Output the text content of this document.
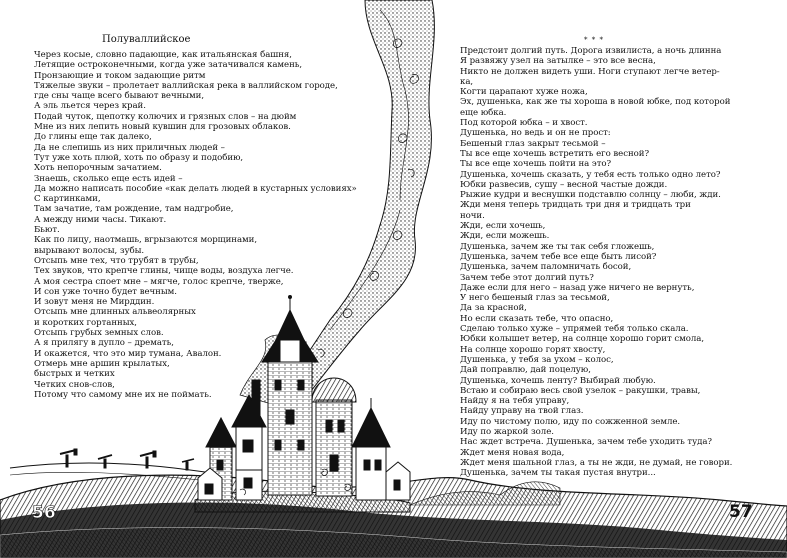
Полуваллийское
Через косые, словно падающие, как итальянская башня,
Летящие остроконечными, когда уже затачивался камень,
Пронзающие и током задающие ритм
Тяжелые звуки – пролетает валлийская река в валлийском городе,
где сны чаще всего бывают вечными,
А эль льется через край.
Подай чуток, щепотку колючих и грязных слов – на дюйм
Мне из них лепить новый кувшин для грозовых облаков.
До глины еще так далеко,
Да не слепишь из них приличных людей –
Тут уже хоть плюй, хоть по образу и подобию,
Хоть непорочным зачатием.
Знаешь, сколько еще есть идей –
Да можно написать пособие «как делать людей в кустарных условиях»
С картинками,
Там зачатие, там рождение, там надгробие,
А между ними часы. Тикают.
Бьют.
Как по лицу, наотмашь, вгрызаются морщинами,
вырывают волосы, зубы.
Отсыпь мне тех, что трубят в трубы,
Тех звуков, что крепче глины, чище воды, воздуха легче.
А моя сестра споет мне – мягче, голос крепче, тверже,
И сон уже точно будет вечным.
И зовут меня не Мирддин.
Отсыпь мне длинных альвеолярных
и коротких гортанных,
Отсыпь грубых земных слов.
А я прилягу в дупло – дремать,
И окажется, что это мир тумана, Авалон.
Отмерь мне аршин крылатых,
быстрых и четких
Четких снов-слов,
Потому что самому мне их не поймать.
* * *
Предстоит долгий путь. Дорога извилиста, а ночь длинна
Я развяжу узел на затылке – это все весна,
Никто не должен видеть уши. Ноги ступают легче ветер-
ка,
Когти царапают хуже ножа,
Эх, душенька, как же ты хороша в новой юбке, под которой
еще юбка.
Под которой юбка – и хвост.
Душенька, но ведь и он не прост:
Бешеный глаз закрыт тесьмой –
Ты все еще хочешь встретить его весной?
Ты все еще хочешь пойти на это?
Душенька, хочешь сказать, у тебя есть только одно лето?
Юбки развесив, сушу – весной частые дожди.
Рыжие кудри и веснушки подставлю солнцу – люби, жди.
Жди меня теперь тридцать три дня и тридцать три
ночи.
Жди, если хочешь,
Жди, если можешь.
Душенька, зачем же ты так себя гложешь,
Душенька, зачем тебе все еще быть лисой?
Душенька, зачем паломничать босой,
Зачем тебе этот долгий путь?
Даже если для него – назад уже ничего не вернуть,
У него бешеный глаз за тесьмой,
Да за красной,
Но если сказать тебе, что опасно,
Сделаю только хуже – упрямей тебя только скала.
Юбки колышет ветер, на солнце хорошо горит смола,
На солнце хорошо горят хвосту,
Душенька, у тебя за ухом – колос,
Дай поправлю, дай поцелую,
Душенька, хочешь ленту? Выбирай любую.
Встаю и собираю весь свой узелок – ракушки, травы,
Найду я на тебя управу,
Найду управу на твой глаз.
Иду по чистому полю, иду по сожженной земле.
Иду по жаркой золе.
Нас ждет встреча. Душенька, зачем тебе уходить туда?
Ждет меня новая вода,
Ждет меня шальной глаз, а ты не жди, не думай, не говори.
Душенька, зачем ты такая пустая внутри...
56	57
